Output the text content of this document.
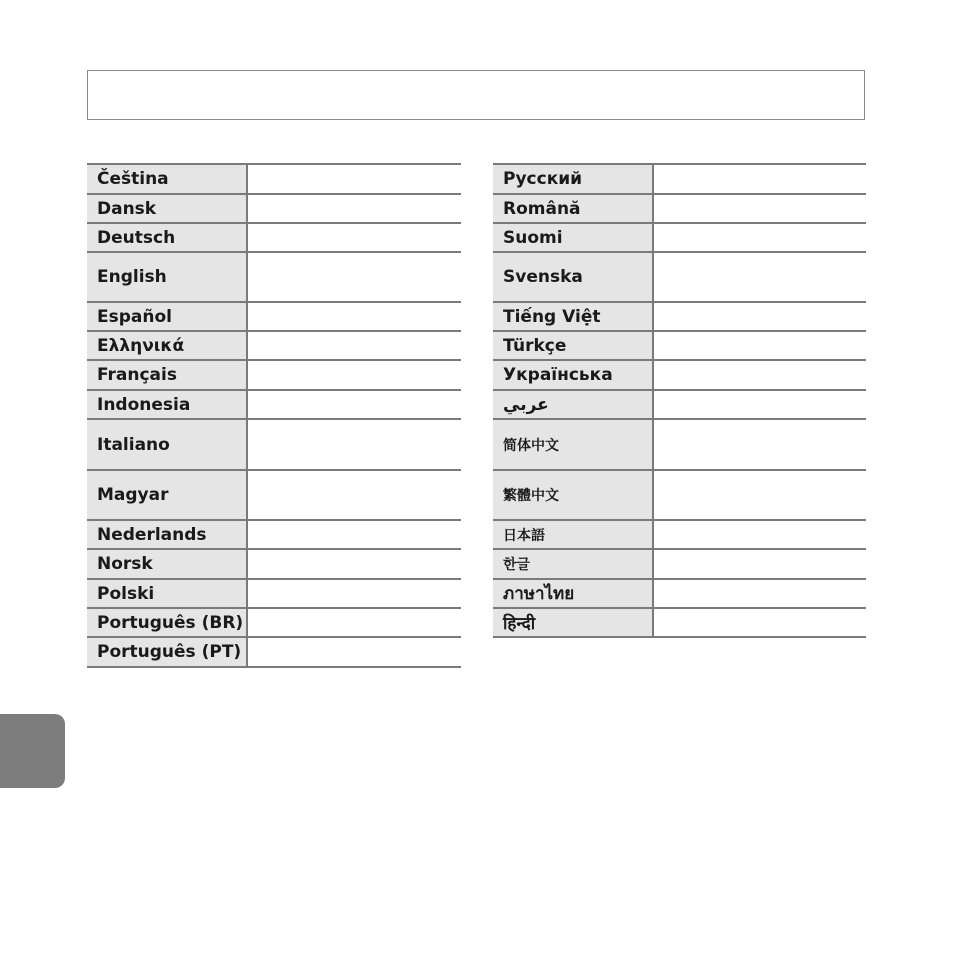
Čeština	
Dansk	
Deutsch	
English	
Español	
Ελληνικά	
Français	
Indonesia	
Italiano	
Magyar	
Nederlands	
Norsk	
Polski	
Português (BR)	
Português (PT)	
Русский	
Română	
Suomi	
Svenska	
Tiếng Việt	
Türkçe	
Українська	
عربي	
简体中文	
繁體中文	
日本語	
한글	
ภาษาไทย	
हिन्दी	
